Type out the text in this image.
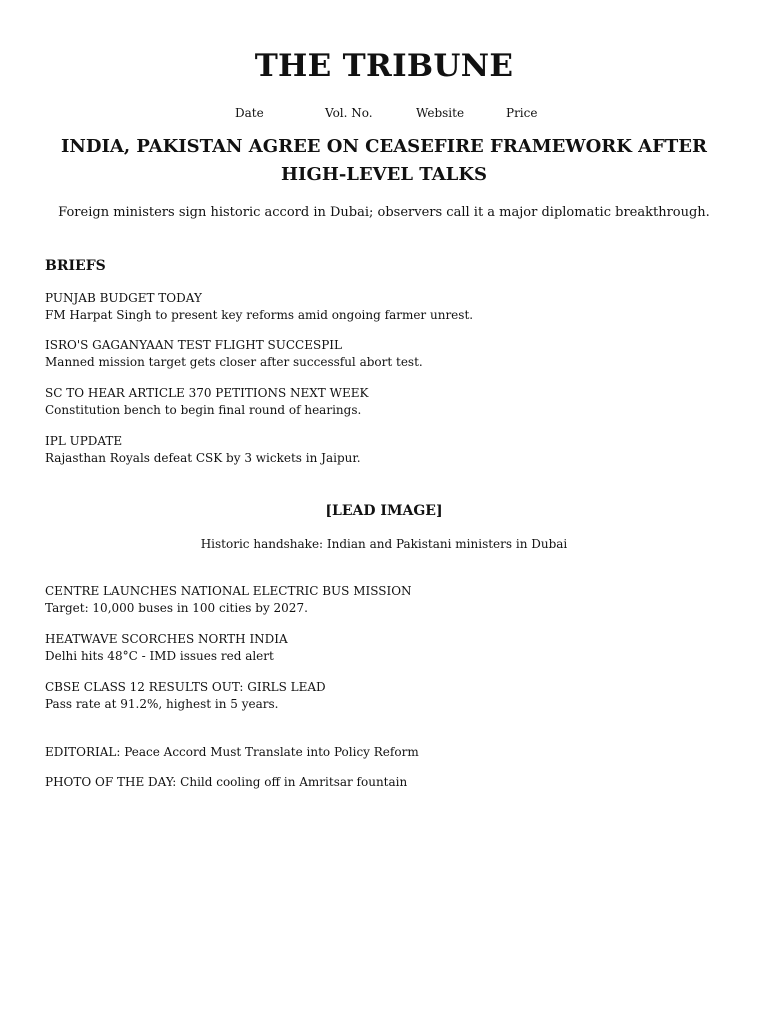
THE TRIBUNE
Date	Vol. No.	Website	Price
INDIA, PAKISTAN AGREE ON CEASEFIRE FRAMEWORK AFTER HIGH-LEVEL TALKS
Foreign ministers sign historic accord in Dubai; observers call it a major diplomatic breakthrough.
BRIEFS
PUNJAB BUDGET TODAY
FM Harpat Singh to present key reforms amid ongoing farmer unrest.
ISRO'S GAGANYAAN TEST FLIGHT SUCCESPIL
Manned mission target gets closer after successful abort test.
SC TO HEAR ARTICLE 370 PETITIONS NEXT WEEK
Constitution bench to begin final round of hearings.
IPL UPDATE
Rajasthan Royals defeat CSK by 3 wickets in Jaipur.
[LEAD IMAGE]
Historic handshake: Indian and Pakistani ministers in Dubai
CENTRE LAUNCHES NATIONAL ELECTRIC BUS MISSION
Target: 10,000 buses in 100 cities by 2027.
HEATWAVE SCORCHES NORTH INDIA
Delhi hits 48°C - IMD issues red alert
CBSE CLASS 12 RESULTS OUT: GIRLS LEAD
Pass rate at 91.2%, highest in 5 years.
EDITORIAL: Peace Accord Must Translate into Policy Reform
PHOTO OF THE DAY: Child cooling off in Amritsar fountain
